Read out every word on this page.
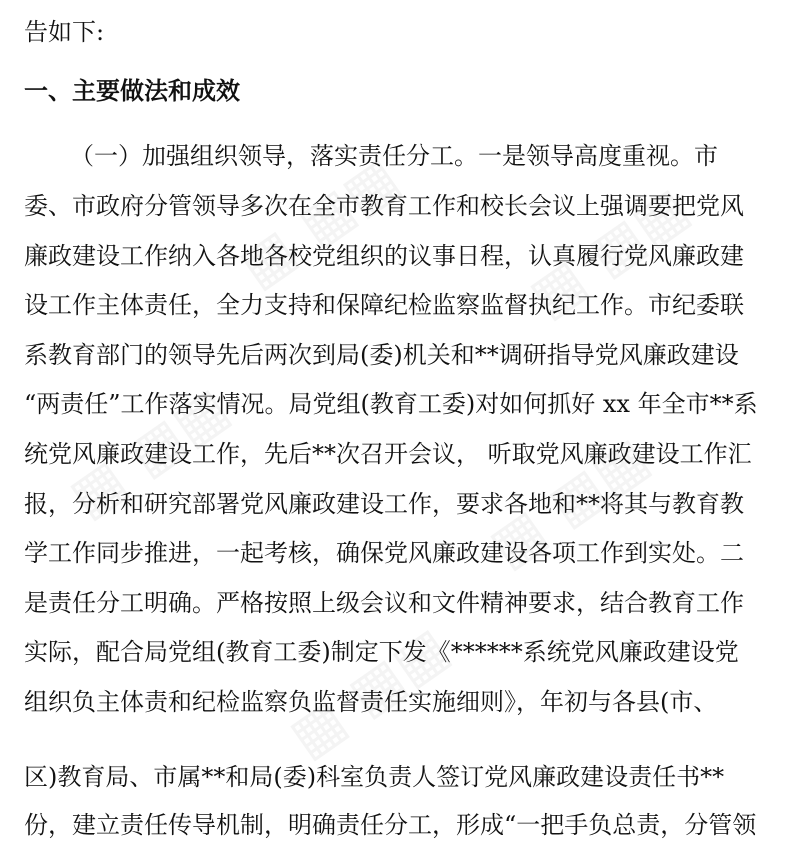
▦ ▦▦ ▦ ▦▦
▦ ▦▦	▦ ▦▦
▦ ▦▦
告如下:
一、主要做法和成效
（一）加强组织领导，落实责任分工。一是领导高度重视。市
委、市政府分管领导多次在全市教育工作和校长会议上强调要把党风
廉政建设工作纳入各地各校党组织的议事日程，认真履行党风廉政建
设工作主体责任，全力支持和保障纪检监察监督执纪工作。市纪委联
系教育部门的领导先后两次到局(委)机关和**调研指导党风廉政建设
“两责任”工作落实情况。局党组(教育工委)对如何抓好 xx 年全市**系
统党风廉政建设工作，先后**次召开会议， 听取党风廉政建设工作汇
报，分析和研究部署党风廉政建设工作，要求各地和**将其与教育教
学工作同步推进，一起考核，确保党风廉政建设各项工作到实处。二
是责任分工明确。严格按照上级会议和文件精神要求，结合教育工作
实际，配合局党组(教育工委)制定下发《******系统党风廉政建设党
组织负主体责和纪检监察负监督责任实施细则》，年初与各县(市、
区)教育局、市属**和局(委)科室负责人签订党风廉政建设责任书**
份，建立责任传导机制，明确责任分工，形成“一把手负总责，分管领
